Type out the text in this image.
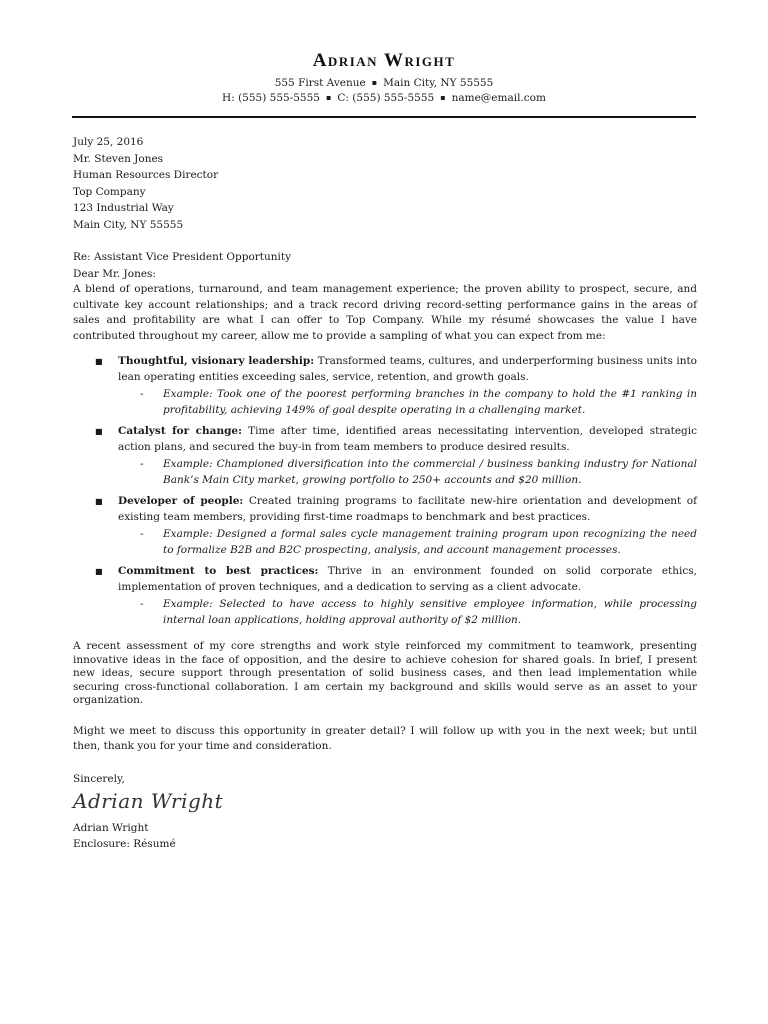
Adrian Wright
555 First Avenue ▪ Main City, NY 55555
H: (555) 555-5555 ▪ C: (555) 555-5555 ▪ name@email.com

July 25, 2016

Mr. Steven Jones

Human Resources Director

Top Company

123 Industrial Way

Main City, NY 55555

Re: Assistant Vice President Opportunity

Dear Mr. Jones:

A blend of operations, turnaround, and team management experience; the proven ability to prospect, secure, and cultivate key account relationships; and a track record driving record-setting performance gains in the areas of sales and profitability are what I can offer to Top Company. While my résumé showcases the value I have contributed throughout my career, allow me to provide a sampling of what you can expect from me:

■ Thoughtful, visionary leadership: Transformed teams, cultures, and underperforming business units into lean operating entities exceeding sales, service, retention, and growth goals.
- Example: Took one of the poorest performing branches in the company to hold the #1 ranking in profitability, achieving 149% of goal despite operating in a challenging market.
■ Catalyst for change: Time after time, identified areas necessitating intervention, developed strategic action plans, and secured the buy-in from team members to produce desired results.
- Example: Championed diversification into the commercial / business banking industry for National Bank’s Main City market, growing portfolio to 250+ accounts and $20 million.
■ Developer of people: Created training programs to facilitate new-hire orientation and development of existing team members, providing first-time roadmaps to benchmark and best practices.
- Example: Designed a formal sales cycle management training program upon recognizing the need to formalize B2B and B2C prospecting, analysis, and account management processes.
■ Commitment to best practices: Thrive in an environment founded on solid corporate ethics, implementation of proven techniques, and a dedication to serving as a client advocate.
- Example: Selected to have access to highly sensitive employee information, while processing internal loan applications, holding approval authority of $2 million.

A recent assessment of my core strengths and work style reinforced my commitment to teamwork, presenting innovative ideas in the face of opposition, and the desire to achieve cohesion for shared goals. In brief, I present new ideas, secure support through presentation of solid business cases, and then lead implementation while securing cross-functional collaboration. I am certain my background and skills would serve as an asset to your organization.

Might we meet to discuss this opportunity in greater detail? I will follow up with you in the next week; but until then, thank you for your time and consideration.

Sincerely,

Adrian Wright

Adrian Wright

Enclosure: Résumé
